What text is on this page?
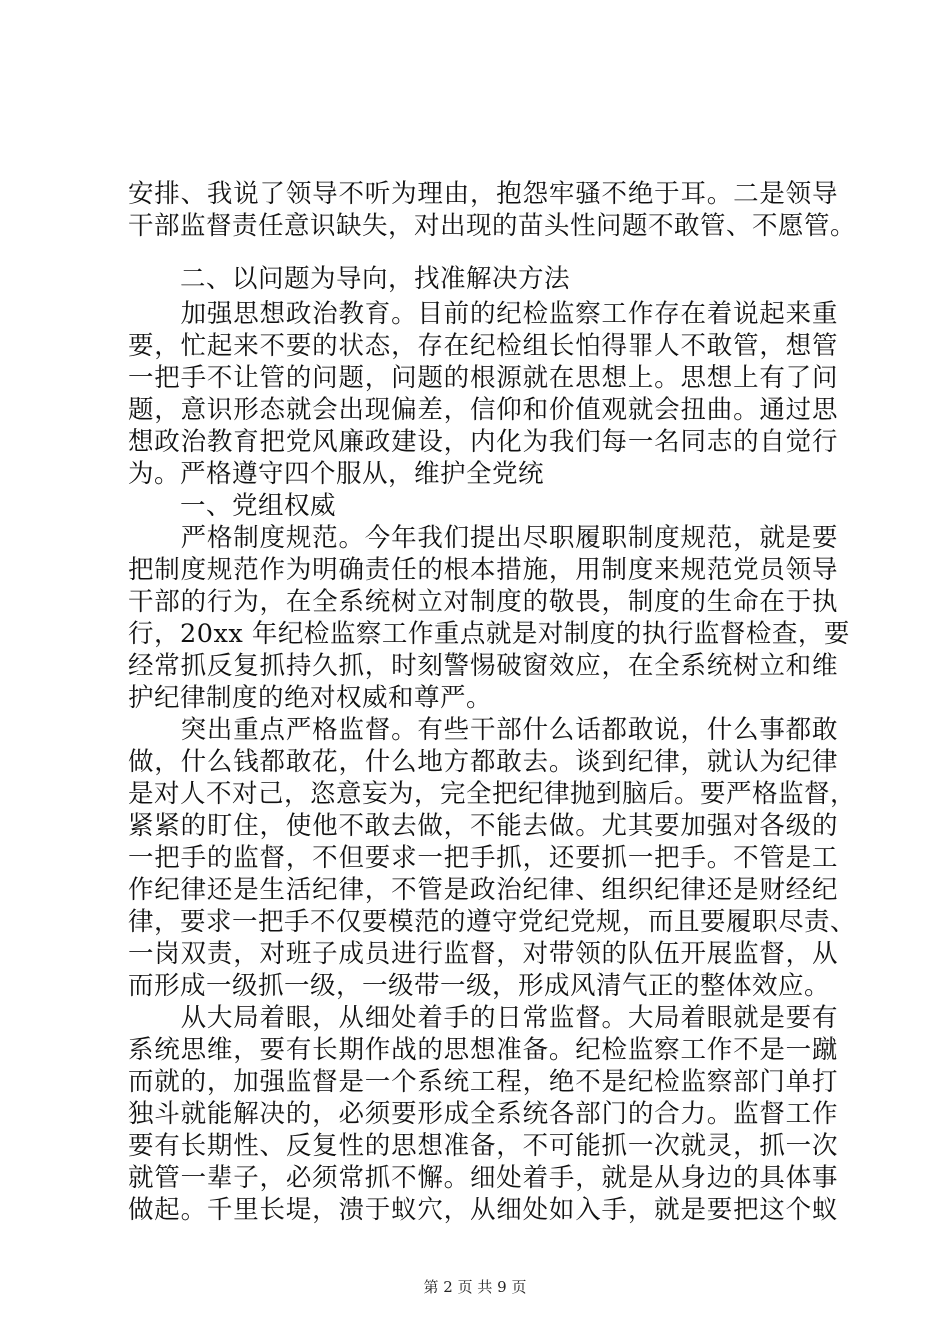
安排、我说了领导不听为理由，抱怨牢骚不绝于耳。二是领导
干部监督责任意识缺失，对出现的苗头性问题不敢管、不愿管。
　　二、以问题为导向，找准解决方法
　　加强思想政治教育。目前的纪检监察工作存在着说起来重
要，忙起来不要的状态，存在纪检组长怕得罪人不敢管，想管
一把手不让管的问题，问题的根源就在思想上。思想上有了问
题，意识形态就会出现偏差，信仰和价值观就会扭曲。通过思
想政治教育把党风廉政建设，内化为我们每一名同志的自觉行
为。严格遵守四个服从，维护全党统
　　一、党组权威
　　严格制度规范。今年我们提出尽职履职制度规范，就是要
把制度规范作为明确责任的根本措施，用制度来规范党员领导
干部的行为，在全系统树立对制度的敬畏，制度的生命在于执
行，20xx 年纪检监察工作重点就是对制度的执行监督检查，要
经常抓反复抓持久抓，时刻警惕破窗效应，在全系统树立和维
护纪律制度的绝对权威和尊严。
　　突出重点严格监督。有些干部什么话都敢说，什么事都敢
做，什么钱都敢花，什么地方都敢去。谈到纪律，就认为纪律
是对人不对己，恣意妄为，完全把纪律抛到脑后。要严格监督，
紧紧的盯住，使他不敢去做，不能去做。尤其要加强对各级的
一把手的监督，不但要求一把手抓，还要抓一把手。不管是工
作纪律还是生活纪律，不管是政治纪律、组织纪律还是财经纪
律，要求一把手不仅要模范的遵守党纪党规，而且要履职尽责、
一岗双责，对班子成员进行监督，对带领的队伍开展监督，从
而形成一级抓一级，一级带一级，形成风清气正的整体效应。
　　从大局着眼，从细处着手的日常监督。大局着眼就是要有
系统思维，要有长期作战的思想准备。纪检监察工作不是一蹴
而就的，加强监督是一个系统工程，绝不是纪检监察部门单打
独斗就能解决的，必须要形成全系统各部门的合力。监督工作
要有长期性、反复性的思想准备，不可能抓一次就灵，抓一次
就管一辈子，必须常抓不懈。细处着手，就是从身边的具体事
做起。千里长堤，溃于蚁穴，从细处如入手，就是要把这个蚁
第 2 页 共 9 页
